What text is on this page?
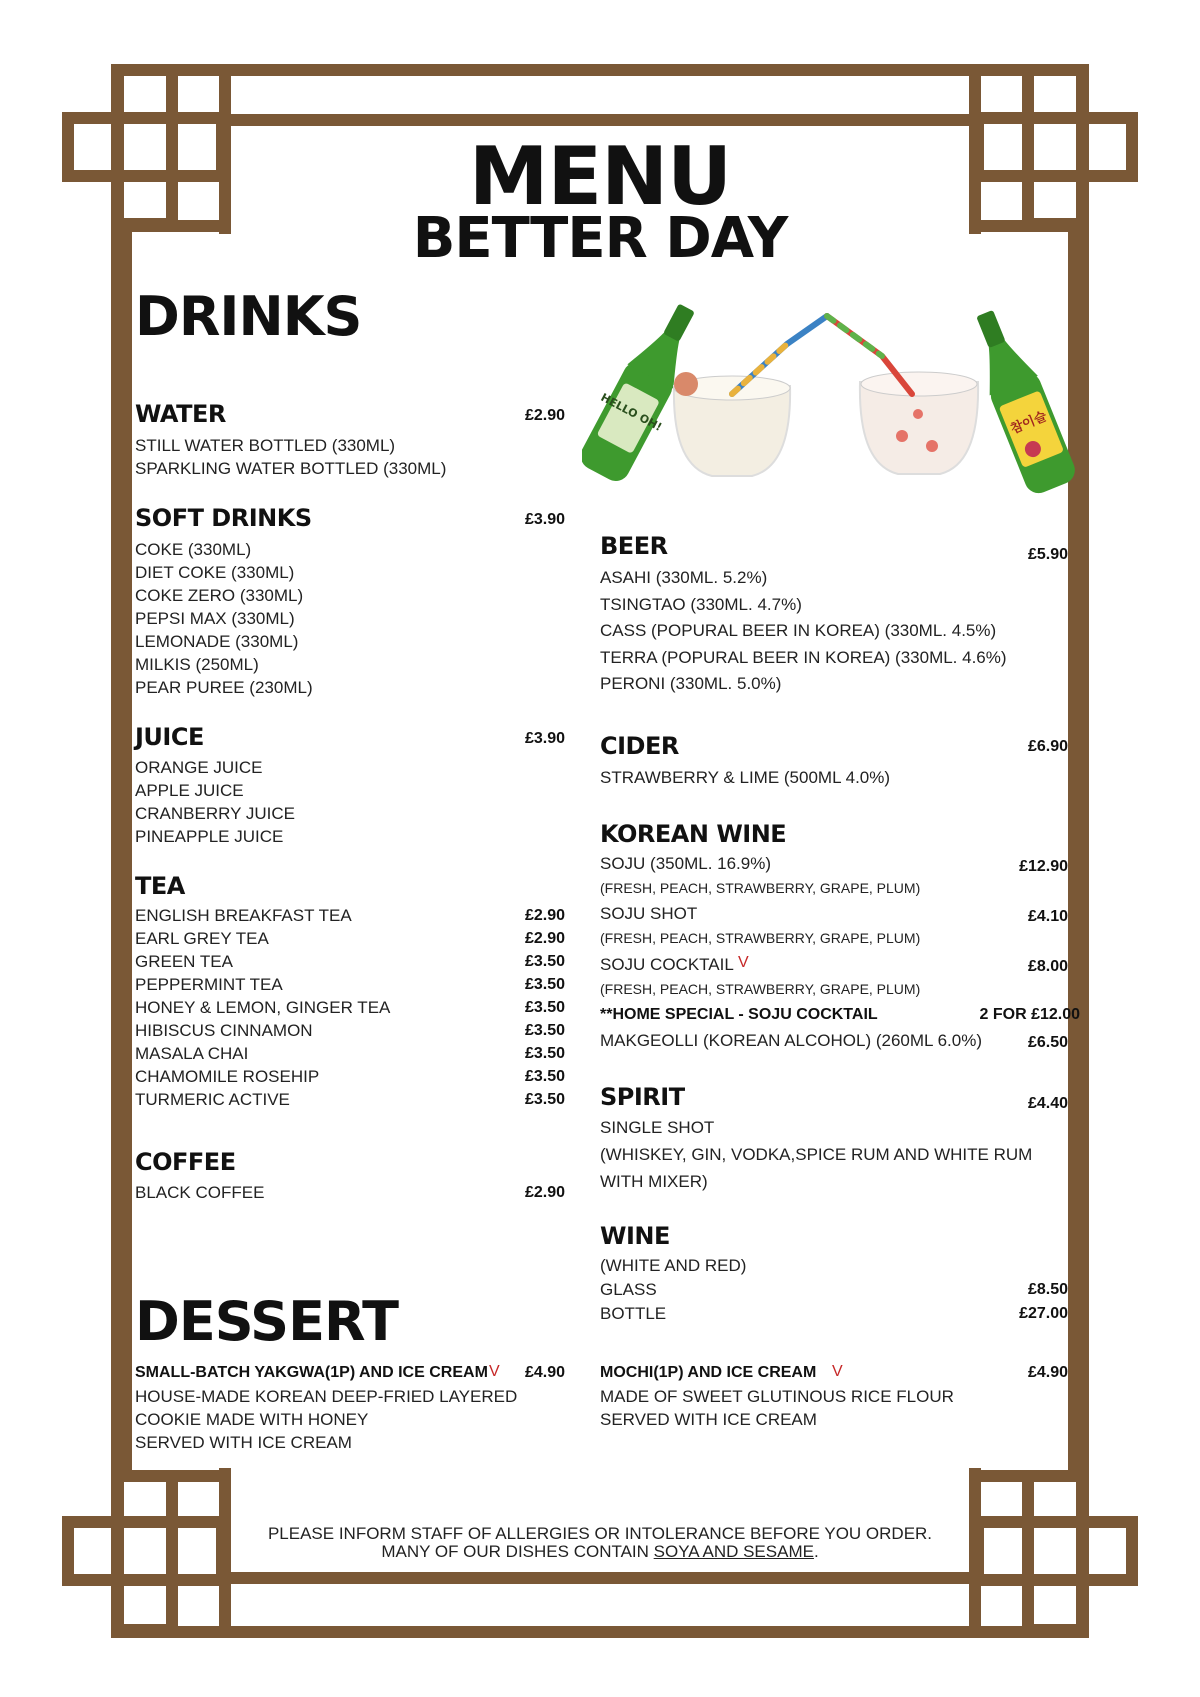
MENU
BETTER DAY
DRINKS
HELLO OH!	참이슬
WATER	£2.90
STILL WATER BOTTLED (330ML)
SPARKLING WATER BOTTLED (330ML)
SOFT DRINKS	£3.90
COKE (330ML)
DIET COKE (330ML)
COKE ZERO (330ML)
PEPSI MAX (330ML)
LEMONADE (330ML)
MILKIS (250ML)
PEAR PUREE (230ML)
JUICE	£3.90
ORANGE JUICE
APPLE JUICE
CRANBERRY JUICE
PINEAPPLE JUICE
TEA
ENGLISH BREAKFAST TEA	£2.90
EARL GREY TEA	£2.90
GREEN TEA	£3.50
PEPPERMINT TEA	£3.50
HONEY & LEMON, GINGER TEA	£3.50
HIBISCUS CINNAMON	£3.50
MASALA CHAI	£3.50
CHAMOMILE ROSEHIP	£3.50
TURMERIC ACTIVE	£3.50
COFFEE
BLACK COFFEE	£2.90
SMALL-BATCH YAKGWA(1P) AND ICE CREAM V	£4.90
HOUSE-MADE KOREAN DEEP-FRIED LAYERED
COOKIE MADE WITH HONEY
SERVED WITH ICE CREAM
BEER	£5.90
ASAHI (330ML. 5.2%)
TSINGTAO (330ML. 4.7%)
CASS (POPURAL BEER IN KOREA) (330ML. 4.5%)
TERRA (POPURAL BEER IN KOREA) (330ML. 4.6%)
PERONI (330ML. 5.0%)
CIDER	£6.90
STRAWBERRY & LIME (500ML 4.0%)
KOREAN WINE
SOJU (350ML. 16.9%)	£12.90
(FRESH, PEACH, STRAWBERRY, GRAPE, PLUM)
SOJU SHOT	£4.10
(FRESH, PEACH, STRAWBERRY, GRAPE, PLUM)
SOJU COCKTAIL V	£8.00
(FRESH, PEACH, STRAWBERRY, GRAPE, PLUM)
**HOME SPECIAL - SOJU COCKTAIL	2 FOR £12.00
MAKGEOLLI (KOREAN ALCOHOL) (260ML 6.0%)	£6.50
SPIRIT	£4.40
SINGLE SHOT
(WHISKEY, GIN, VODKA,SPICE RUM AND WHITE RUM
WITH MIXER)
WINE
(WHITE AND RED)
GLASS	£8.50
BOTTLE	£27.00
MOCHI(1P) AND ICE CREAM V	£4.90
MADE OF SWEET GLUTINOUS RICE FLOUR
SERVED WITH ICE CREAM
DESSERT
PLEASE INFORM STAFF OF ALLERGIES OR INTOLERANCE BEFORE YOU ORDER.
MANY OF OUR DISHES CONTAIN SOYA AND SESAME.
